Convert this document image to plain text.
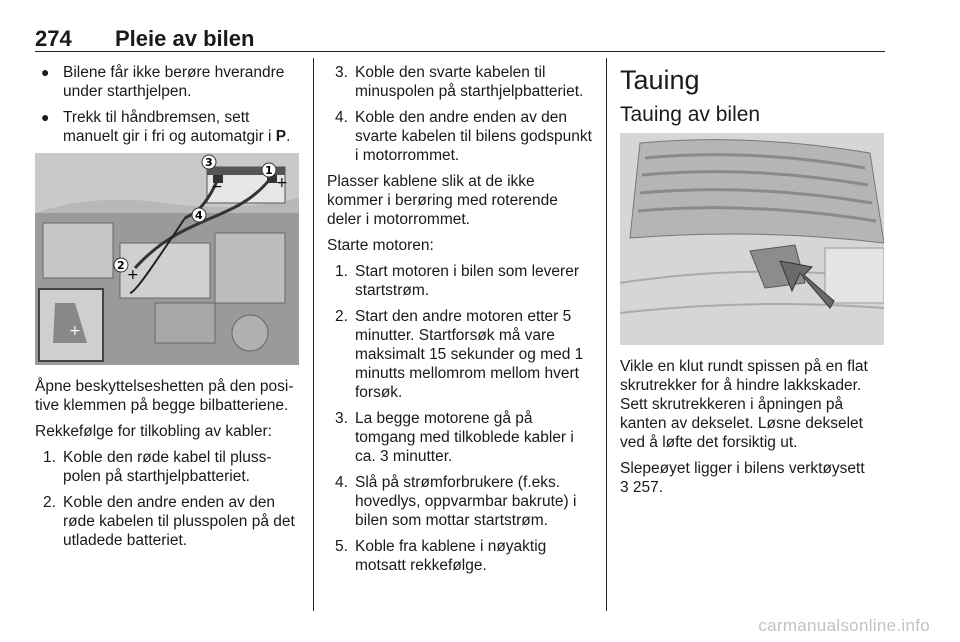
274 Pleie av bilen
● Bilene får ikke berøre hverandre under starthjelpen.
● Trekk til håndbremsen, sett manuelt gir i fri og automatgir i P.
+
3
1
4
2
+
−
+

Åpne beskyttelseshetten på den positive klemmen på begge bilbatteriene.

Rekkefølge for tilkobling av kabler:

1. Koble den røde kabel til plusspolen på starthjelpbatteriet.
2. Koble den andre enden av den røde kabelen til plusspolen på det utladede batteriet.
3. Koble den svarte kabelen til minuspolen på starthjelpbatteriet.
4. Koble den andre enden av den svarte kabelen til bilens godspunkt i motorrommet.

Plasser kablene slik at de ikke kommer i berøring med roterende deler i motorrommet.

Starte motoren:

1. Start motoren i bilen som leverer startstrøm.
2. Start den andre motoren etter 5 minutter. Startforsøk må vare maksimalt 15 sekunder og med 1 minutts mellomrom mellom hvert forsøk.
3. La begge motorene gå på tomgang med tilkoblede kabler i ca. 3 minutter.
4. Slå på strømforbrukere (f.eks. hovedlys, oppvarmbar bakrute) i bilen som mottar startstrøm.
5. Koble fra kablene i nøyaktig motsatt rekkefølge.
Tauing
Tauing av bilen

Vikle en klut rundt spissen på en flat skrutrekker for å hindre lakkskader. Sett skrutrekkeren i åpningen på kanten av dekselet. Løsne dekselet ved å løfte det forsiktig ut.

Slepeøyet ligger i bilens verktøysett
3 257.

carmanualsonline.info
